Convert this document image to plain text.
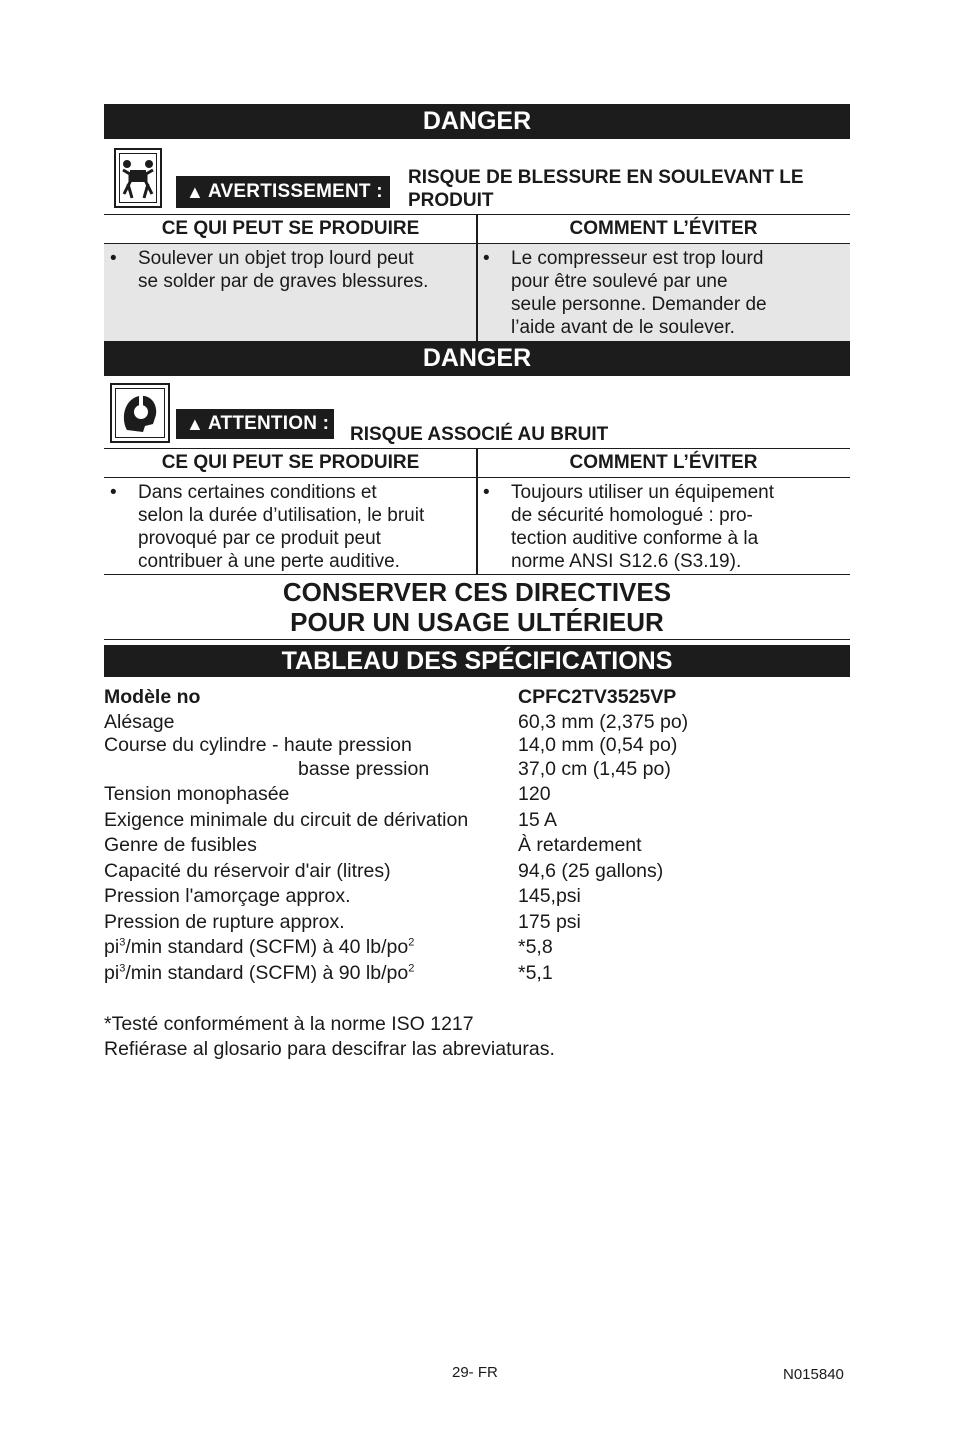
DANGER
▲ AVERTISSEMENT :
RISQUE DE BLESSURE EN SOULEVANT LE PRODUIT
CE QUI PEUT SE PRODUIRE	COMMENT L’ÉVITER
• Soulever un objet trop lourd peut
se solder par de graves blessures.
• Le compresseur est trop lourd
pour être soulevé par une
seule personne. Demander de
l’aide avant de le soulever.
DANGER
▲ ATTENTION :
RISQUE ASSOCIÉ AU BRUIT
CE QUI PEUT SE PRODUIRE	COMMENT L’ÉVITER
• Dans certaines conditions et
selon la durée d’utilisation, le bruit
provoqué par ce produit peut
contribuer à une perte auditive.
• Toujours utiliser un équipement
de sécurité homologué : pro-
tection auditive conforme à la
norme ANSI S12.6 (S3.19).
CONSERVER CES DIRECTIVES
POUR UN USAGE ULTÉRIEUR
TABLEAU DES SPÉCIFICATIONS
Modèle no	CPFC2TV3525VP
Alésage	60,3 mm (2,375 po)
Course du cylindre - haute pression	14,0 mm (0,54 po)
basse pression	37,0 cm (1,45 po)
Tension monophasée	120
Exigence minimale du circuit de dérivation	15 A
Genre de fusibles	À retardement
Capacité du réservoir d'air (litres)	94,6 (25 gallons)
Pression l'amorçage approx.	145,psi
Pression de rupture approx.	175 psi
$pi^3/\min$ standard (SCFM) à 40 $lb/po^2$	*5,8
$pi^3/\min$ standard (SCFM) à 90 $lb/po^2$	*5,1
*Testé conformément à la norme ISO 1217
Refiérase al glosario para descifrar las abreviaturas.
29- FR	N015840
